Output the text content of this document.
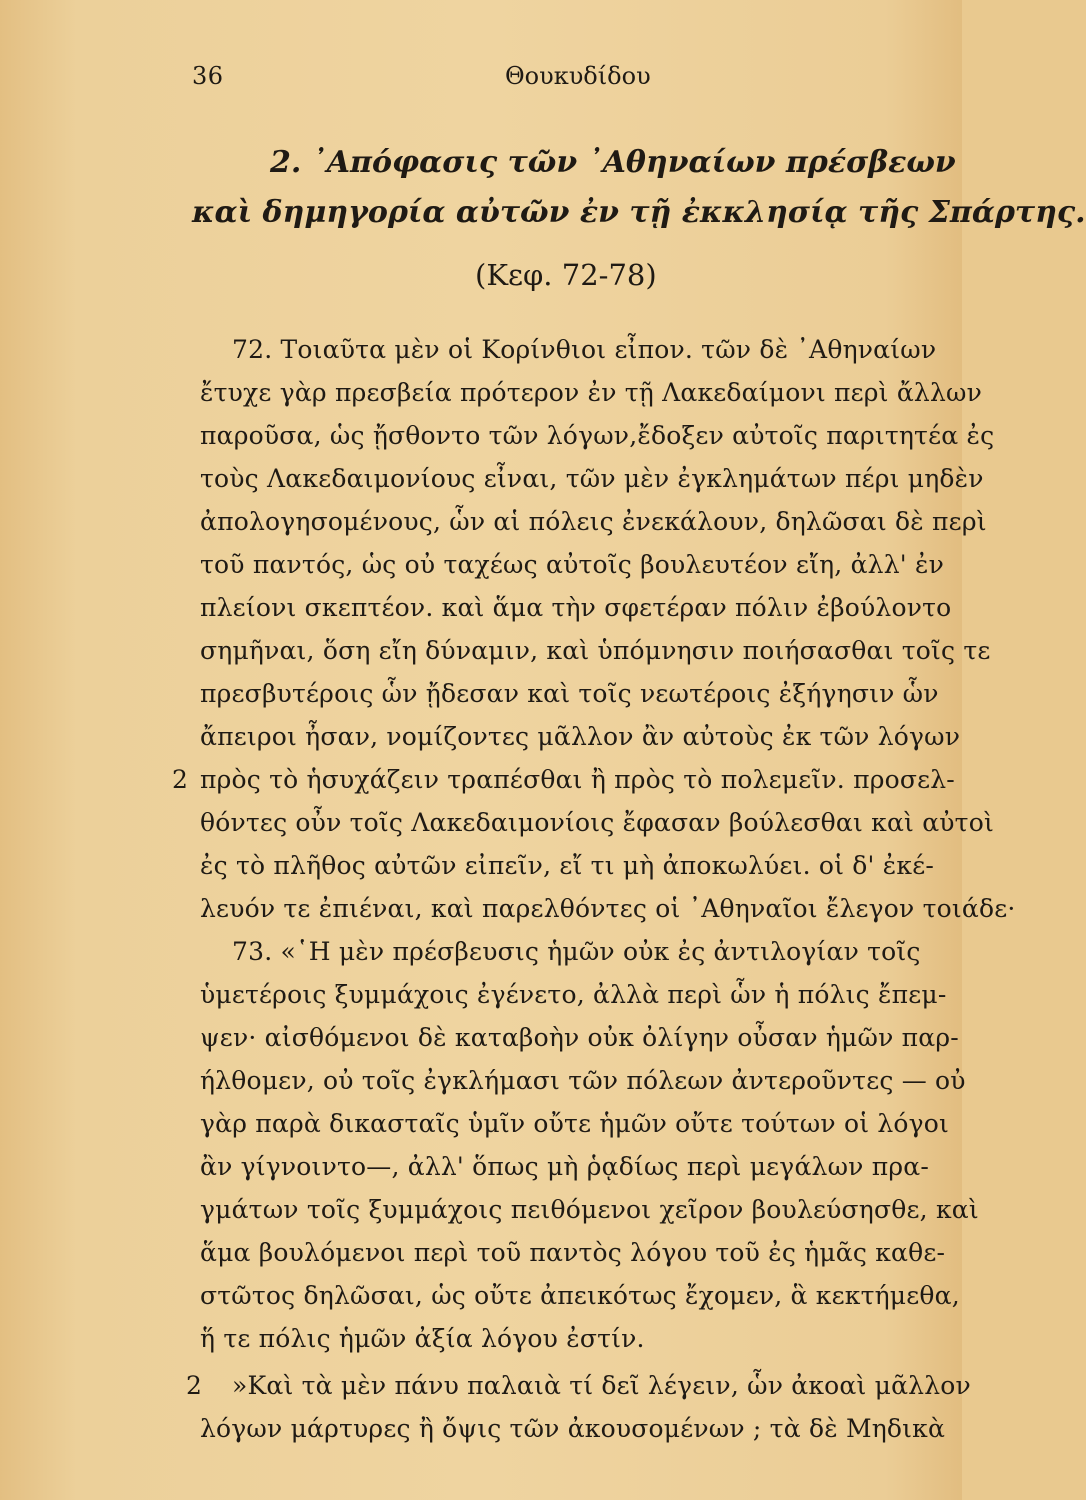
36	Θουκυδίδου
2. ᾿Απόφασις τῶν ᾿Αθηναίων πρέσβεων
καὶ δημηγορία αὐτῶν ἐν τῇ ἐκκλησίᾳ τῆς Σπάρτης.
(Κεφ. 72-78)
72. Τοιαῦτα μὲν οἱ Κορίνθιοι εἶπον. τῶν δὲ ᾿Αθηναίων
ἔτυχε γὰρ πρεσβεία πρότερον ἐν τῇ Λακεδαίμονι περὶ ἄλλων
παροῦσα, ὡς ᾔσθοντο τῶν λόγων,ἔδοξεν αὐτοῖς παριτητέα ἐς
τοὺς Λακεδαιμονίους εἶναι, τῶν μὲν ἐγκλημάτων πέρι μηδὲν
ἀπολογησομένους, ὧν αἱ πόλεις ἐνεκάλουν, δηλῶσαι δὲ περὶ
τοῦ παντός, ὡς οὐ ταχέως αὐτοῖς βουλευτέον εἴη, ἀλλ' ἐν
πλείονι σκεπτέον. καὶ ἅμα τὴν σφετέραν πόλιν ἐβούλοντο
σημῆναι, ὅση εἴη δύναμιν, καὶ ὑπόμνησιν ποιήσασθαι τοῖς τε
πρεσβυτέροις ὧν ᾔδεσαν καὶ τοῖς νεωτέροις ἐξήγησιν ὧν
ἄπειροι ἦσαν, νομίζοντες μᾶλλον ἂν αὐτοὺς ἐκ τῶν λόγων
2 πρὸς τὸ ἡσυχάζειν τραπέσθαι ἢ πρὸς τὸ πολεμεῖν. προσελ-
θόντες οὖν τοῖς Λακεδαιμονίοις ἔφασαν βούλεσθαι καὶ αὐτοὶ
ἐς τὸ πλῆθος αὐτῶν εἰπεῖν, εἴ τι μὴ ἀποκωλύει. οἱ δ' ἐκέ-
λευόν τε ἐπιέναι, καὶ παρελθόντες οἱ ᾿Αθηναῖοι ἔλεγον τοιάδε·
73. «῾Η μὲν πρέσβευσις ἡμῶν οὐκ ἐς ἀντιλογίαν τοῖς
ὑμετέροις ξυμμάχοις ἐγένετο, ἀλλὰ περὶ ὧν ἡ πόλις ἔπεμ-
ψεν· αἰσθόμενοι δὲ καταβοὴν οὐκ ὀλίγην οὖσαν ἡμῶν παρ-
ήλθομεν, οὐ τοῖς ἐγκλήμασι τῶν πόλεων ἀντεροῦντες — οὐ
γὰρ παρὰ δικασταῖς ὑμῖν οὔτε ἡμῶν οὔτε τούτων οἱ λόγοι
ἂν γίγνοιντο—, ἀλλ' ὅπως μὴ ῥᾳδίως περὶ μεγάλων πρα-
γμάτων τοῖς ξυμμάχοις πειθόμενοι χεῖρον βουλεύσησθε, καὶ
ἅμα βουλόμενοι περὶ τοῦ παντὸς λόγου τοῦ ἐς ἡμᾶς καθε-
στῶτος δηλῶσαι, ὡς οὔτε ἀπεικότως ἔχομεν, ἃ κεκτήμεθα,
ἥ τε πόλις ἡμῶν ἀξία λόγου ἐστίν.
2 »Καὶ τὰ μὲν πάνυ παλαιὰ τί δεῖ λέγειν, ὧν ἀκοαὶ μᾶλλον
λόγων μάρτυρες ἢ ὄψις τῶν ἀκουσομένων ; τὰ δὲ Μηδικὰ
